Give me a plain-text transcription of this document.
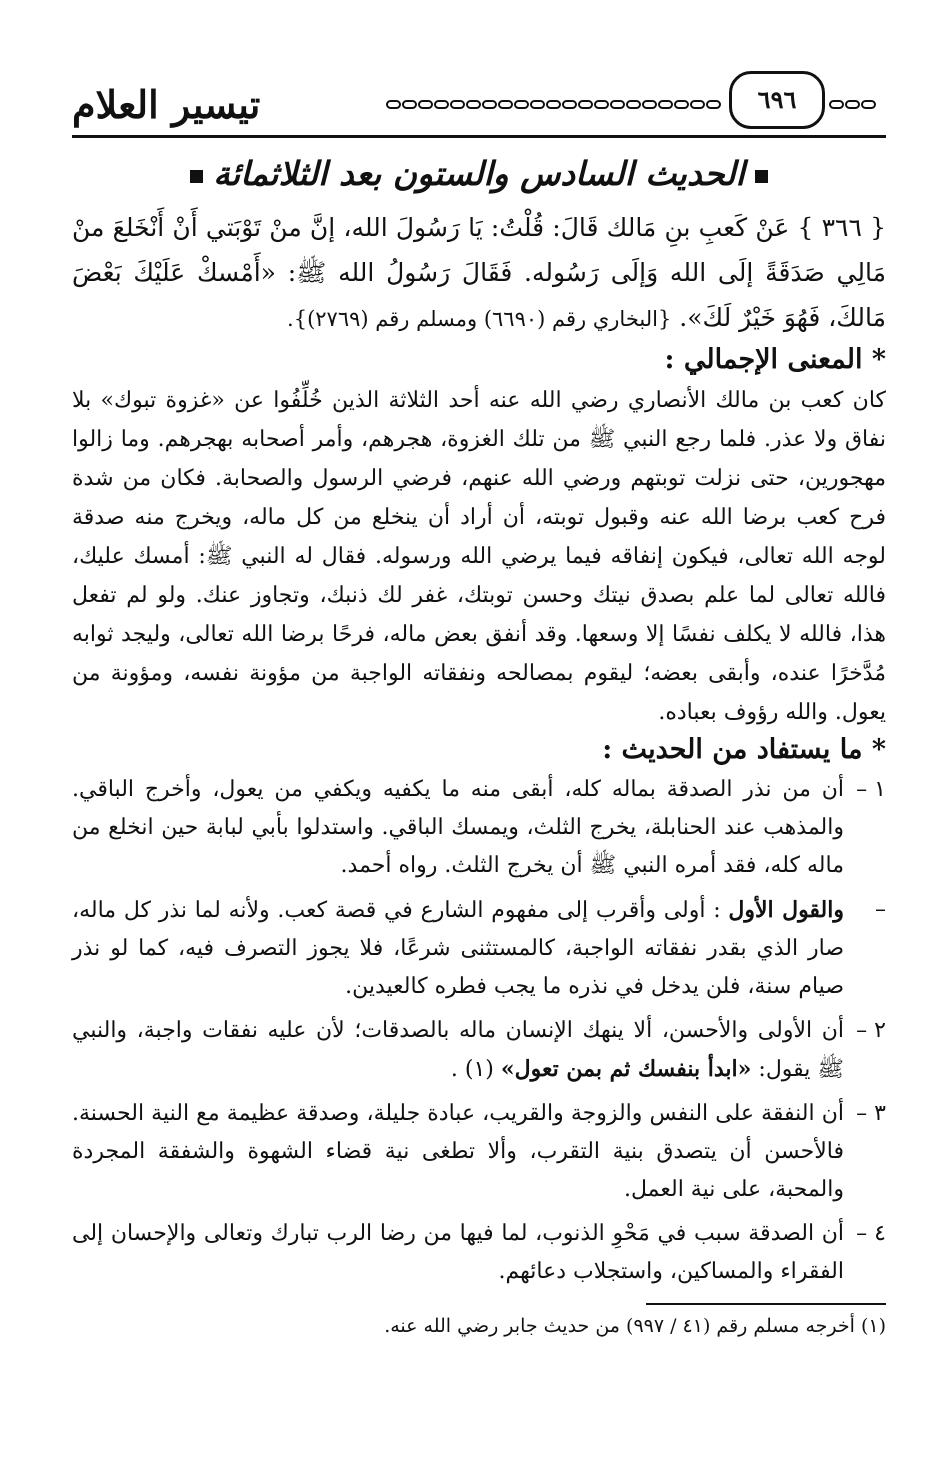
٦٩٦
تيسير العلام
الحديث السادس والستون بعد الثلاثمائة
{ ٣٦٦ } عَنْ كَعبِ بنِ مَالك قَالَ: قُلْتُ: يَا رَسُولَ الله، إنَّ منْ تَوْبَتي أَنْ أَنْخَلعَ منْ مَالِي صَدَقَةً إلَى الله وَإلَى رَسُوله. فَقَالَ رَسُولُ الله ﷺ: «أَمْسكْ عَلَيْكَ بَعْضَ مَالكَ، فَهُوَ خَيْرٌ لَكَ». {البخاري رقم (٦٦٩٠) ومسلم رقم (٢٧٦٩)}.
* المعنى الإجمالي :

كان كعب بن مالك الأنصاري رضي الله عنه أحد الثلاثة الذين خُلِّفُوا عن «غزوة تبوك» بلا نفاق ولا عذر. فلما رجع النبي ﷺ من تلك الغزوة، هجرهم، وأمر أصحابه بهجرهم. وما زالوا مهجورين، حتى نزلت توبتهم ورضي الله عنهم، فرضي الرسول والصحابة. فكان من شدة فرح كعب برضا الله عنه وقبول توبته، أن أراد أن ينخلع من كل ماله، ويخرج منه صدقة لوجه الله تعالى، فيكون إنفاقه فيما يرضي الله ورسوله. فقال له النبي ﷺ: أمسك عليك، فالله تعالى لما علم بصدق نيتك وحسن توبتك، غفر لك ذنبك، وتجاوز عنك. ولو لم تفعل هذا، فالله لا يكلف نفسًا إلا وسعها. وقد أنفق بعض ماله، فرحًا برضا الله تعالى، وليجد ثوابه مُدَّخرًا عنده، وأبقى بعضه؛ ليقوم بمصالحه ونفقاته الواجبة من مؤونة نفسه، ومؤونة من يعول. والله رؤوف بعباده.

* ما يستفاد من الحديث :
١ –

أن من نذر الصدقة بماله كله، أبقى منه ما يكفيه ويكفي من يعول، وأخرج الباقي. والمذهب عند الحنابلة، يخرج الثلث، ويمسك الباقي. واستدلوا بأبي لبابة حين انخلع من ماله كله، فقد أمره النبي ﷺ أن يخرج الثلث. رواه أحمد.

–

والقول الأول : أولى وأقرب إلى مفهوم الشارع في قصة كعب. ولأنه لما نذر كل ماله، صار الذي بقدر نفقاته الواجبة، كالمستثنى شرعًا، فلا يجوز التصرف فيه، كما لو نذر صيام سنة، فلن يدخل في نذره ما يجب فطره كالعيدين.

٢ –

أن الأولى والأحسن، ألا ينهك الإنسان ماله بالصدقات؛ لأن عليه نفقات واجبة، والنبي ﷺ يقول: «ابدأ بنفسك ثم بمن تعول» (١) .

٣ –

أن النفقة على النفس والزوجة والقريب، عبادة جليلة، وصدقة عظيمة مع النية الحسنة. فالأحسن أن يتصدق بنية التقرب، وألا تطغى نية قضاء الشهوة والشفقة المجردة والمحبة، على نية العمل.

٤ –

أن الصدقة سبب في مَحْوِ الذنوب، لما فيها من رضا الرب تبارك وتعالى والإحسان إلى الفقراء والمساكين، واستجلاب دعائهم.

(١) أخرجه مسلم رقم (٤١ / ٩٩٧) من حديث جابر رضي الله عنه.
